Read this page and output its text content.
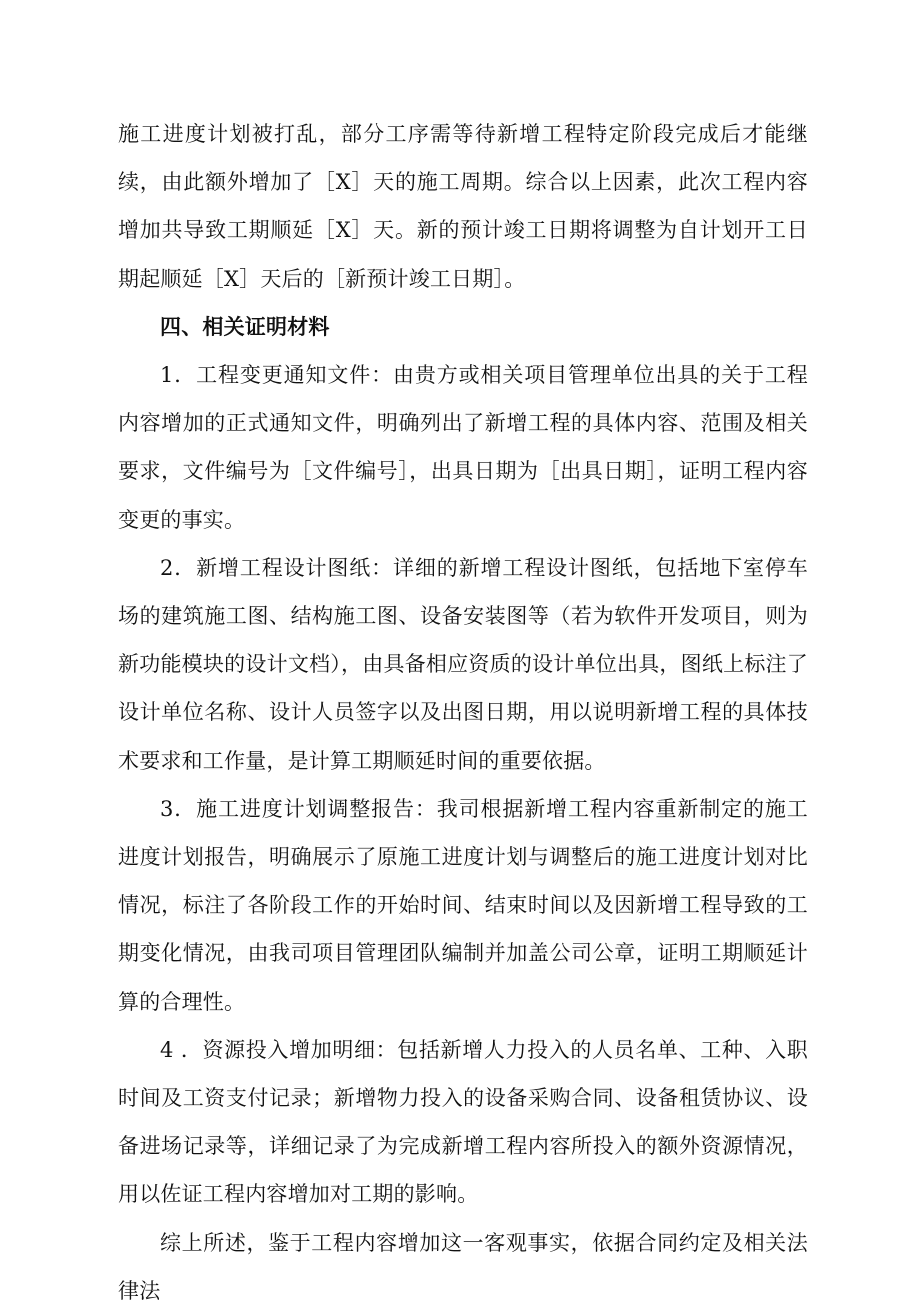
施工进度计划被打乱，部分工序需等待新增工程特定阶段完成后才能继续，由此额外增加了［X］天的施工周期。综合以上因素，此次工程内容增加共导致工期顺延［X］天。新的预计竣工日期将调整为自计划开工日期起顺延［X］天后的［新预计竣工日期］。

四、相关证明材料

1．工程变更通知文件：由贵方或相关项目管理单位出具的关于工程内容增加的正式通知文件，明确列出了新增工程的具体内容、范围及相关要求，文件编号为［文件编号］，出具日期为［出具日期］，证明工程内容变更的事实。

2．新增工程设计图纸：详细的新增工程设计图纸，包括地下室停车场的建筑施工图、结构施工图、设备安装图等（若为软件开发项目，则为新功能模块的设计文档），由具备相应资质的设计单位出具，图纸上标注了设计单位名称、设计人员签字以及出图日期，用以说明新增工程的具体技术要求和工作量，是计算工期顺延时间的重要依据。

3．施工进度计划调整报告：我司根据新增工程内容重新制定的施工进度计划报告，明确展示了原施工进度计划与调整后的施工进度计划对比情况，标注了各阶段工作的开始时间、结束时间以及因新增工程导致的工期变化情况，由我司项目管理团队编制并加盖公司公章，证明工期顺延计算的合理性。

4 ．资源投入增加明细：包括新增人力投入的人员名单、工种、入职时间及工资支付记录；新增物力投入的设备采购合同、设备租赁协议、设备进场记录等，详细记录了为完成新增工程内容所投入的额外资源情况，用以佐证工程内容增加对工期的影响。

综上所述，鉴于工程内容增加这一客观事实，依据合同约定及相关法律法
